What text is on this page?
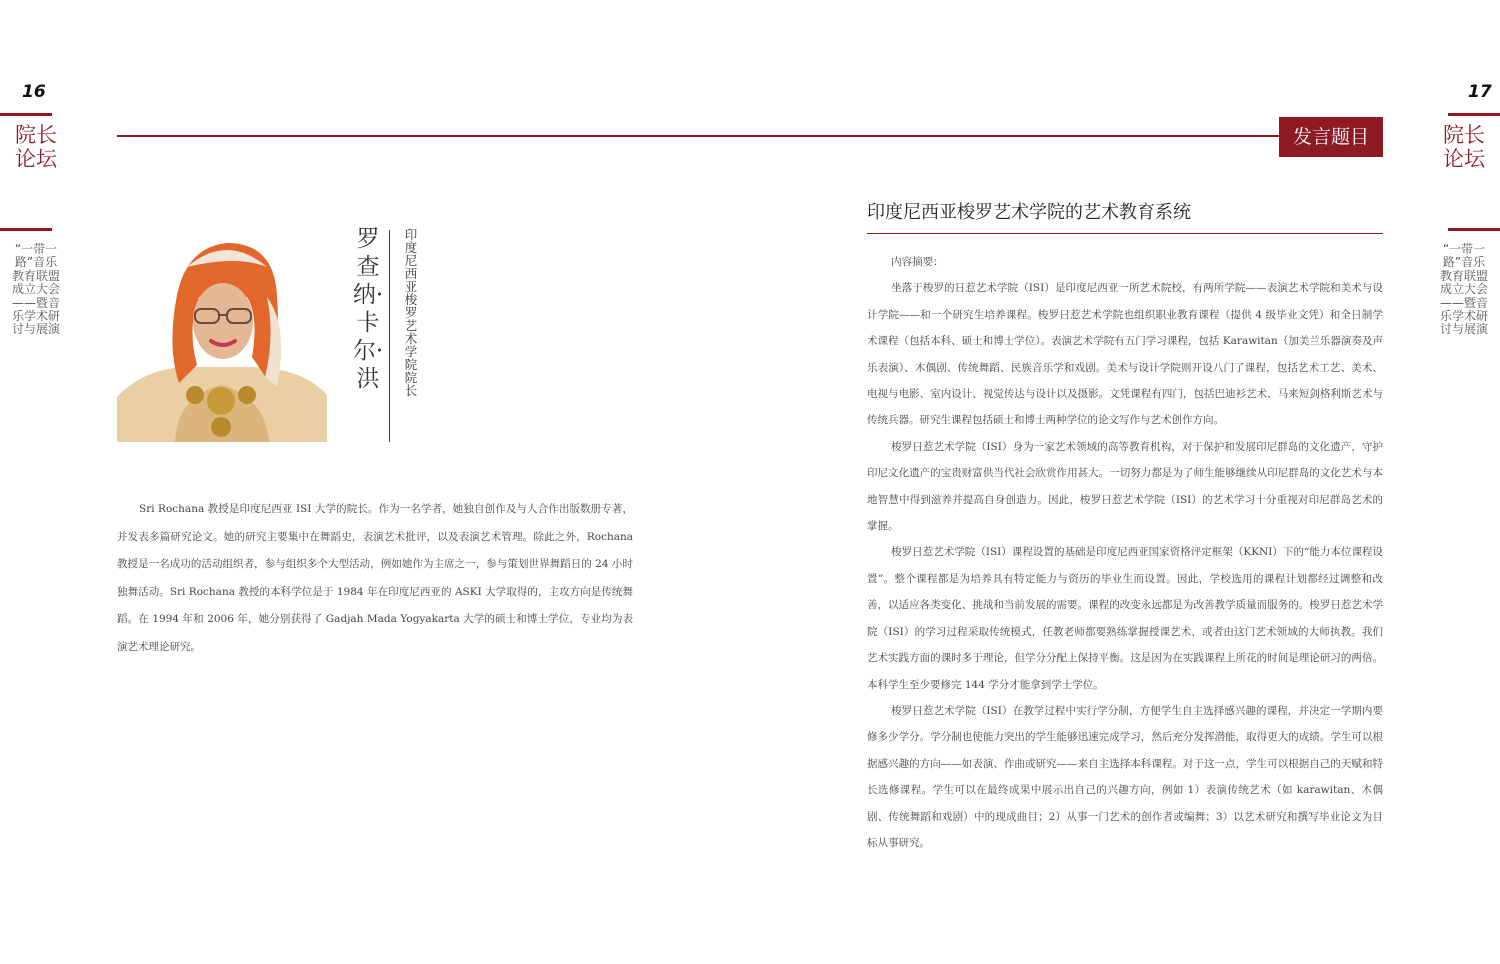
16
院长论坛
“一带一路”音乐教育联盟成立大会——暨音乐学术研讨与展演
17
院长论坛
“一带一路”音乐教育联盟成立大会——暨音乐学术研讨与展演
发言题目
罗查纳·卡尔·洪
印度尼西亚梭罗艺术学院院长

Sri Rochana 教授是印度尼西亚 ISI 大学的院长。作为一名学者，她独自创作及与人合作出版数册专著，并发表多篇研究论文。她的研究主要集中在舞蹈史，表演艺术批评，以及表演艺术管理。除此之外，Rochana 教授是一名成功的活动组织者，参与组织多个大型活动，例如她作为主席之一，参与策划世界舞蹈日的 24 小时独舞活动。Sri Rochana 教授的本科学位是于 1984 年在印度尼西亚的 ASKI 大学取得的，主攻方向是传统舞蹈。在 1994 年和 2006 年，她分别获得了 Gadjah Mada Yogyakarta 大学的硕士和博士学位，专业均为表演艺术理论研究。

印度尼西亚梭罗艺术学院的艺术教育系统

内容摘要：

坐落于梭罗的日惹艺术学院（ISI）是印度尼西亚一所艺术院校，有两所学院——表演艺术学院和美术与设计学院——和一个研究生培养课程。梭罗日惹艺术学院也组织职业教育课程（提供 4 级毕业文凭）和全日制学术课程（包括本科、硕士和博士学位）。表演艺术学院有五门学习课程，包括 Karawitan（加美兰乐器演奏及声乐表演）、木偶剧、传统舞蹈、民族音乐学和戏剧。美术与设计学院则开设八门了课程，包括艺术工艺、美术、电视与电影、室内设计、视觉传达与设计以及摄影。文凭课程有四门，包括巴迪衫艺术、马来短剑格利斯艺术与传统兵器。研究生课程包括硕士和博士两种学位的论文写作与艺术创作方向。

梭罗日惹艺术学院（ISI）身为一家艺术领域的高等教育机构，对于保护和发展印尼群岛的文化遗产，守护印尼文化遗产的宝贵财富供当代社会欣赏作用甚大。一切努力都是为了师生能够继续从印尼群岛的文化艺术与本地智慧中得到滋养并提高自身创造力。因此，梭罗日惹艺术学院（ISI）的艺术学习十分重视对印尼群岛艺术的掌握。

梭罗日惹艺术学院（ISI）课程设置的基础是印度尼西亚国家资格评定框架（KKNI）下的“能力本位课程设置”。整个课程都是为培养具有特定能力与资历的毕业生而设置。因此，学校选用的课程计划都经过调整和改善，以适应各类变化、挑战和当前发展的需要。课程的改变永远都是为改善教学质量而服务的。梭罗日惹艺术学院（ISI）的学习过程采取传统模式，任教老师都要熟练掌握授课艺术，或者由这门艺术领域的大师执教。我们艺术实践方面的课时多于理论，但学分分配上保持平衡。这是因为在实践课程上所花的时间是理论研习的两倍。本科学生至少要修完 144 学分才能拿到学士学位。

梭罗日惹艺术学院（ISI）在教学过程中实行学分制，方便学生自主选择感兴趣的课程，并决定一学期内要修多少学分。学分制也使能力突出的学生能够迅速完成学习，然后充分发挥潜能，取得更大的成绩。学生可以根据感兴趣的方向——如表演、作曲或研究——来自主选择本科课程。对于这一点，学生可以根据自己的天赋和特长选修课程。学生可以在最终成果中展示出自己的兴趣方向，例如 1）表演传统艺术（如 karawitan、木偶剧、传统舞蹈和戏剧）中的现成曲目；2）从事一门艺术的创作者或编舞；3）以艺术研究和撰写毕业论文为目标从事研究。
